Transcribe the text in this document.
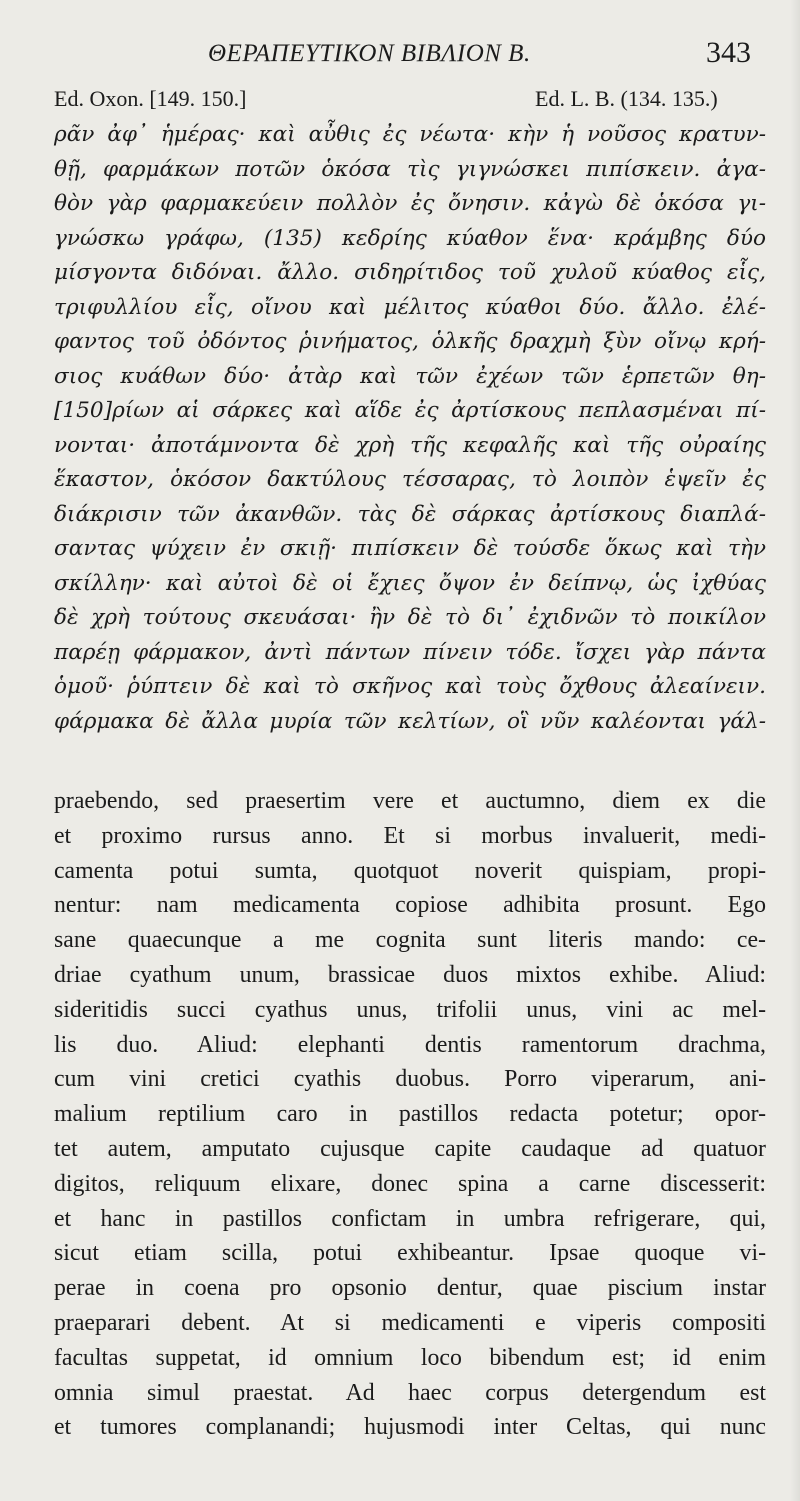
ΘΕΡΑΠΕΥΤΙΚΟΝ ΒΙΒΛΙΟΝ Β.	343
Ed. Oxon. [149. 150.]	Ed. L. B. (134. 135.)
ρᾶν ἀφ᾽ ἡμέρας· καὶ αὖθις ἐς νέωτα· κὴν ἡ νοῦσος κρατυν-
θῇ, φαρμάκων ποτῶν ὁκόσα τὶς γιγνώσκει πιπίσκειν. ἀγα-
θὸν γὰρ φαρμακεύειν πολλὸν ἐς ὄνησιν. κἀγὼ δὲ ὁκόσα γι-
γνώσκω γράφω, (135) κεδρίης κύαθον ἕνα· κράμβης δύο
μίσγοντα διδόναι. ἄλλο. σιδηρίτιδος τοῦ χυλοῦ κύαθος εἷς,
τριφυλλίου εἷς, οἴνου καὶ μέλιτος κύαθοι δύο. ἄλλο. ἐλέ-
φαντος τοῦ ὀδόντος ῥινήματος, ὁλκῆς δραχμὴ ξὺν οἴνῳ κρή-
σιος κυάθων δύο· ἀτὰρ καὶ τῶν ἐχέων τῶν ἑρπετῶν θη-
[150]ρίων αἱ σάρκες καὶ αἵδε ἐς ἀρτίσκους πεπλασμέναι πί-
νονται· ἀποτάμνοντα δὲ χρὴ τῆς κεφαλῆς καὶ τῆς οὐραίης
ἕκαστον, ὁκόσον δακτύλους τέσσαρας, τὸ λοιπὸν ἑψεῖν ἐς
διάκρισιν τῶν ἀκανθῶν. τὰς δὲ σάρκας ἀρτίσκους διαπλά-
σαντας ψύχειν ἐν σκιῇ· πιπίσκειν δὲ τούσδε ὅκως καὶ τὴν
σκίλλην· καὶ αὐτοὶ δὲ οἱ ἔχιες ὄψον ἐν δείπνῳ, ὡς ἰχθύας
δὲ χρὴ τούτους σκευάσαι· ἢν δὲ τὸ δι᾽ ἐχιδνῶν τὸ ποικίλον
παρέῃ φάρμακον, ἀντὶ πάντων πίνειν τόδε. ἴσχει γὰρ πάντα
ὁμοῦ· ῥύπτειν δὲ καὶ τὸ σκῆνος καὶ τοὺς ὄχθους ἀλεαίνειν.
φάρμακα δὲ ἄλλα μυρία τῶν κελτίων, οἳ νῦν καλέονται γάλ-
praebendo, sed praesertim vere et auctumno, diem ex die
et proximo rursus anno. Et si morbus invaluerit, medi-
camenta potui sumta, quotquot noverit quispiam, propi-
nentur: nam medicamenta copiose adhibita prosunt. Ego
sane quaecunque a me cognita sunt literis mando: ce-
driae cyathum unum, brassicae duos mixtos exhibe. Aliud:
sideritidis succi cyathus unus, trifolii unus, vini ac mel-
lis duo. Aliud: elephanti dentis ramentorum drachma,
cum vini cretici cyathis duobus. Porro viperarum, ani-
malium reptilium caro in pastillos redacta potetur; opor-
tet autem, amputato cujusque capite caudaque ad quatuor
digitos, reliquum elixare, donec spina a carne discesserit:
et hanc in pastillos confictam in umbra refrigerare, qui,
sicut etiam scilla, potui exhibeantur. Ipsae quoque vi-
perae in coena pro opsonio dentur, quae piscium instar
praeparari debent. At si medicamenti e viperis compositi
facultas suppetat, id omnium loco bibendum est; id enim
omnia simul praestat. Ad haec corpus detergendum est
et tumores complanandi; hujusmodi inter Celtas, qui nunc
